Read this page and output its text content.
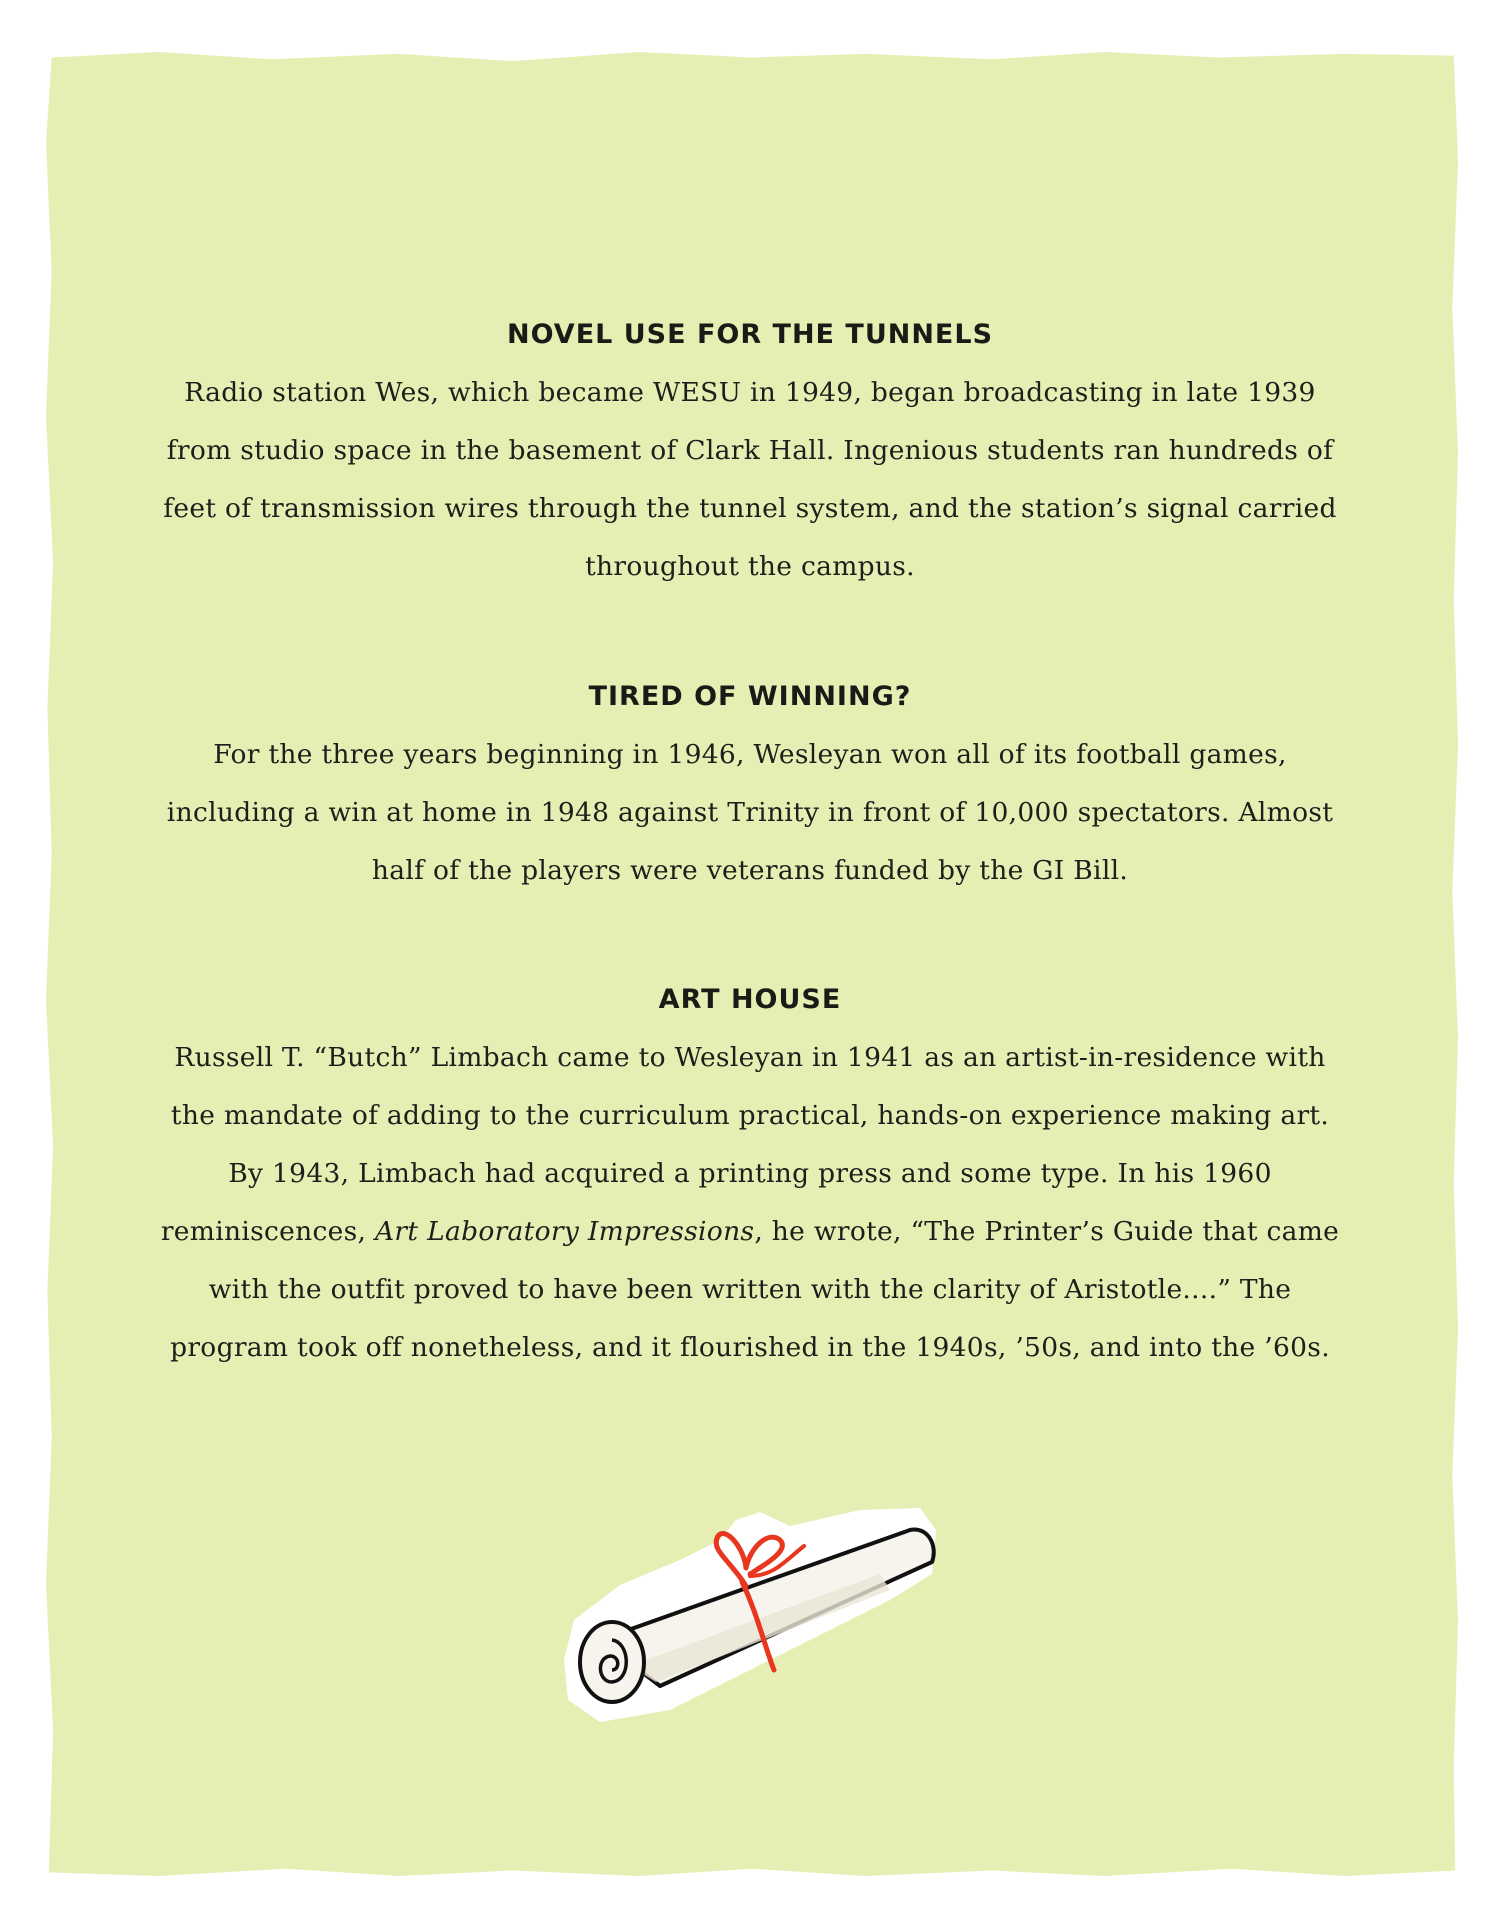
NOVEL USE FOR THE TUNNELS

Radio station Wes, which became WESU in 1949, began broadcasting in late 1939 from studio space in the basement of Clark Hall. Ingenious students ran hundreds of feet of transmission wires through the tunnel system, and the station’s signal carried throughout the campus.

TIRED OF WINNING?

For the three years beginning in 1946, Wesleyan won all of its football games, including a win at home in 1948 against Trinity in front of 10,000 spectators. Almost half of the players were veterans funded by the GI Bill.

ART HOUSE

Russell T. “Butch” Limbach came to Wesleyan in 1941 as an artist-in-residence with the mandate of adding to the curriculum practical, hands-on experience making art. By 1943, Limbach had acquired a printing press and some type. In his 1960 reminiscences, Art Laboratory Impressions, he wrote, “The Printer’s Guide that came with the outfit proved to have been written with the clarity of Aristotle....” The program took off nonetheless, and it flourished in the 1940s, ’50s, and into the ’60s.
